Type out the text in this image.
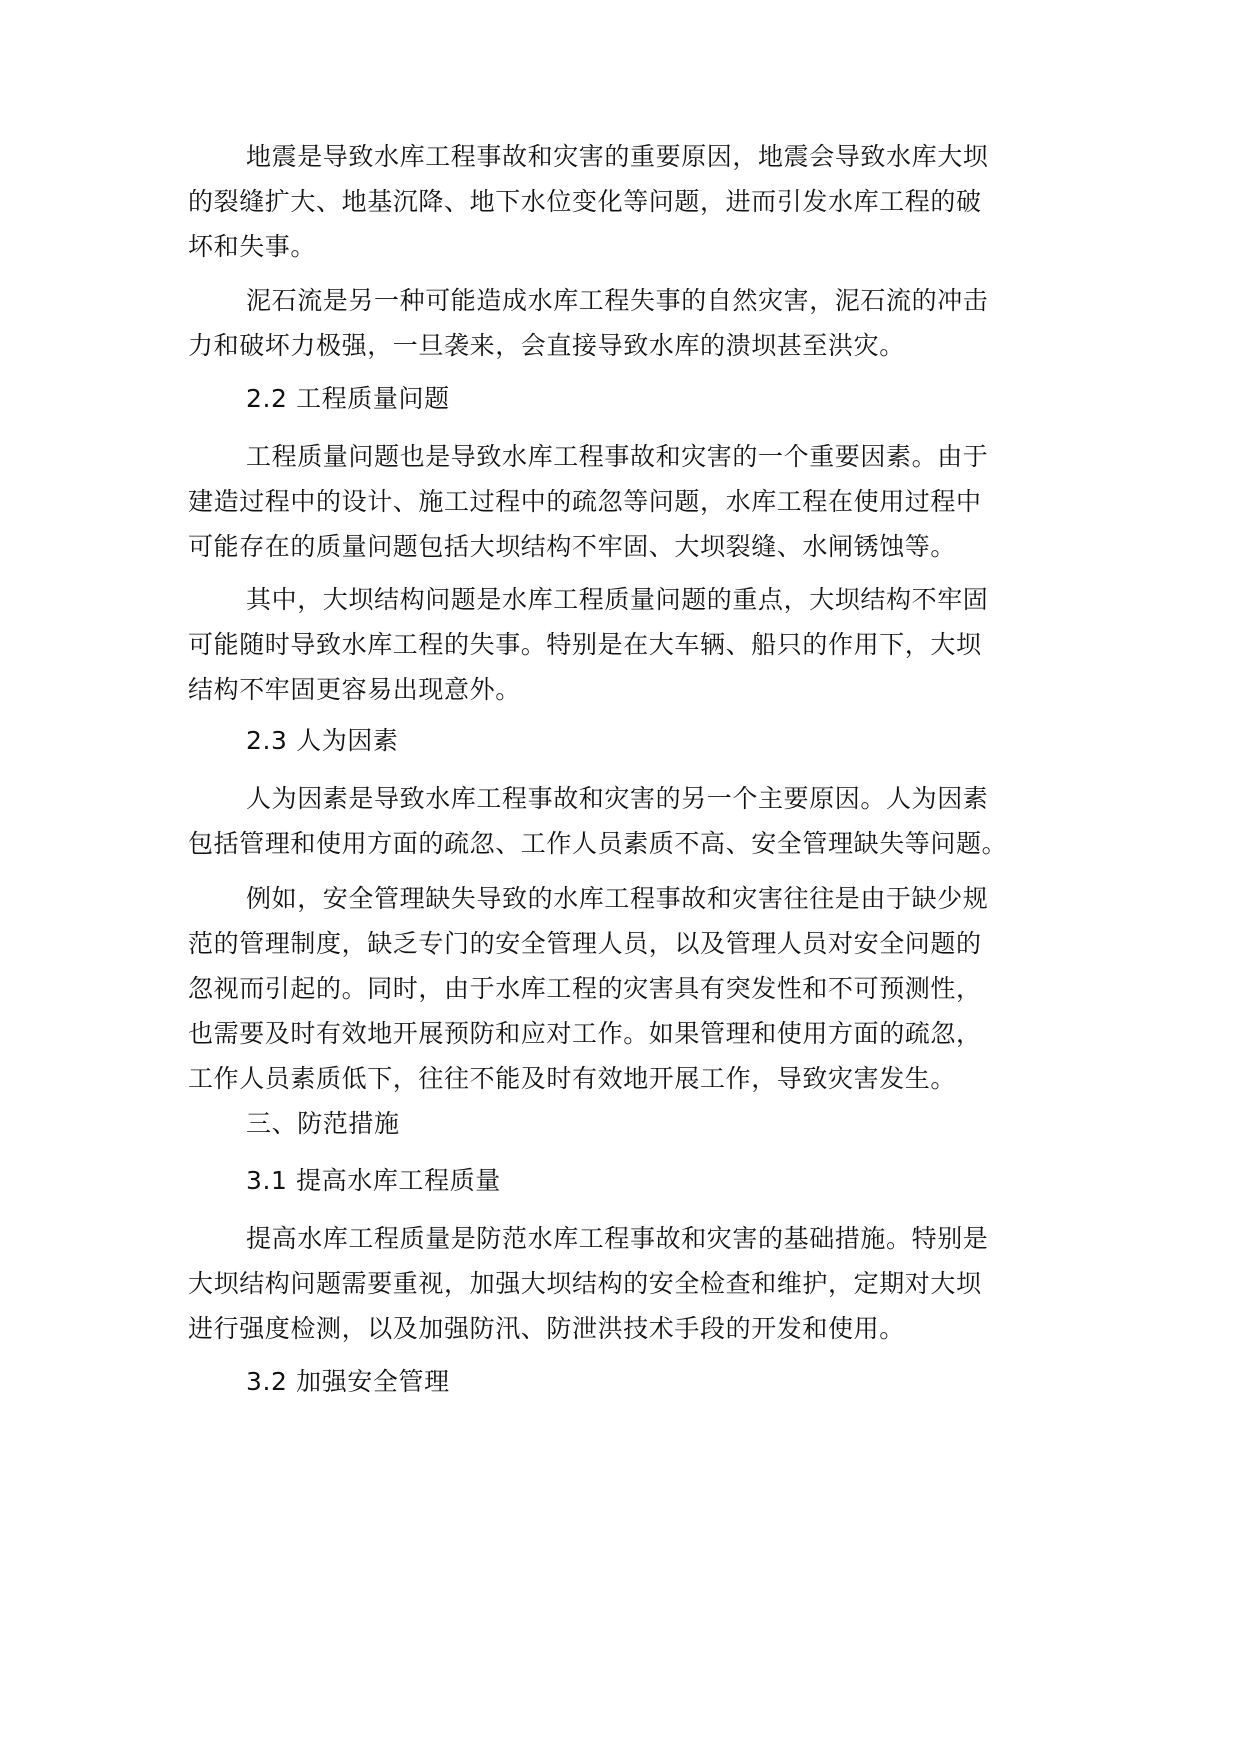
地震是导致水库工程事故和灾害的重要原因，地震会导致水库大坝
的裂缝扩大、地基沉降、地下水位变化等问题，进而引发水库工程的破
坏和失事。
泥石流是另一种可能造成水库工程失事的自然灾害，泥石流的冲击
力和破坏力极强，一旦袭来，会直接导致水库的溃坝甚至洪灾。
2.2 工程质量问题
工程质量问题也是导致水库工程事故和灾害的一个重要因素。由于
建造过程中的设计、施工过程中的疏忽等问题，水库工程在使用过程中
可能存在的质量问题包括大坝结构不牢固、大坝裂缝、水闸锈蚀等。
其中，大坝结构问题是水库工程质量问题的重点，大坝结构不牢固
可能随时导致水库工程的失事。特别是在大车辆、船只的作用下，大坝
结构不牢固更容易出现意外。
2.3 人为因素
人为因素是导致水库工程事故和灾害的另一个主要原因。人为因素
包括管理和使用方面的疏忽、工作人员素质不高、安全管理缺失等问题。
例如，安全管理缺失导致的水库工程事故和灾害往往是由于缺少规
范的管理制度，缺乏专门的安全管理人员，以及管理人员对安全问题的
忽视而引起的。同时，由于水库工程的灾害具有突发性和不可预测性，
也需要及时有效地开展预防和应对工作。如果管理和使用方面的疏忽，
工作人员素质低下，往往不能及时有效地开展工作，导致灾害发生。
三、防范措施
3.1 提高水库工程质量
提高水库工程质量是防范水库工程事故和灾害的基础措施。特别是
大坝结构问题需要重视，加强大坝结构的安全检查和维护，定期对大坝
进行强度检测，以及加强防汛、防泄洪技术手段的开发和使用。
3.2 加强安全管理
